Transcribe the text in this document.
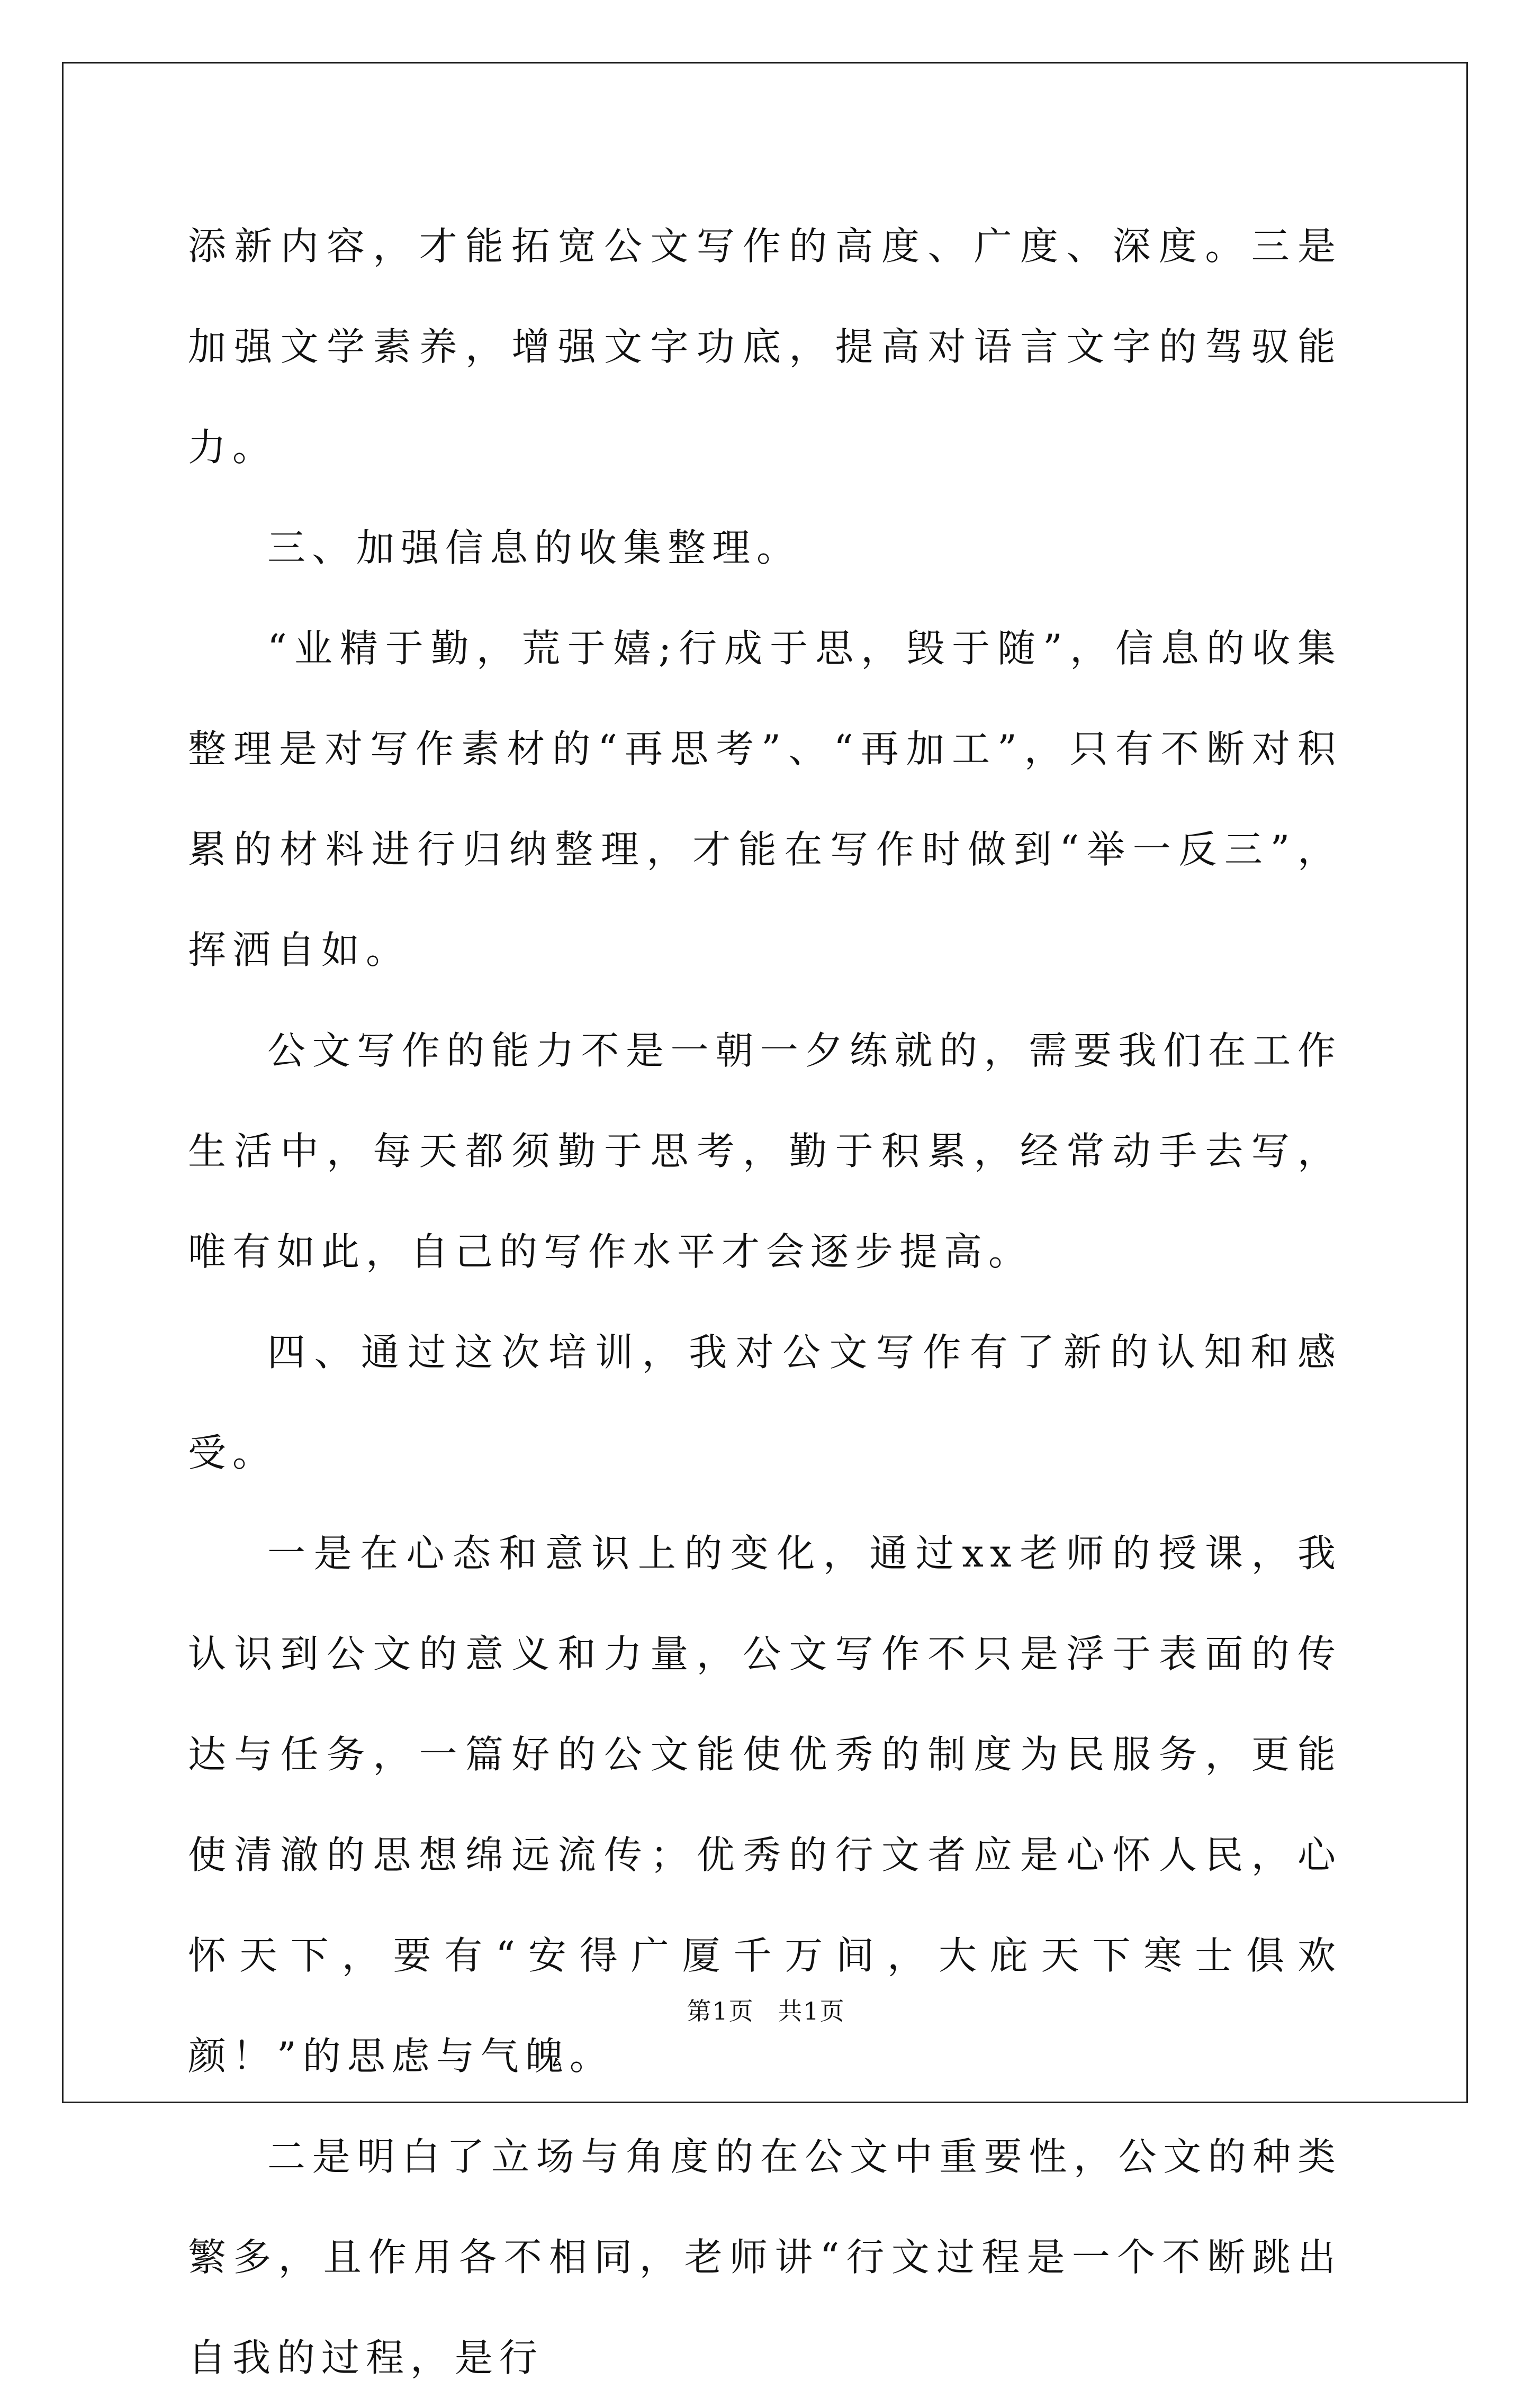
添新内容，才能拓宽公文写作的高度、广度、深度。三是加强文学素养，增强文字功底，提高对语言文字的驾驭能力。

三、加强信息的收集整理。

“业精于勤，荒于嬉;行成于思，毁于随”，信息的收集整理是对写作素材的“再思考”、“再加工”，只有不断对积累的材料进行归纳整理，才能在写作时做到“举一反三”，挥洒自如。

公文写作的能力不是一朝一夕练就的，需要我们在工作生活中，每天都须勤于思考，勤于积累，经常动手去写，唯有如此，自己的写作水平才会逐步提高。

四、通过这次培训，我对公文写作有了新的认知和感受。

一是在心态和意识上的变化，通过xx老师的授课，我认识到公文的意义和力量，公文写作不只是浮于表面的传达与任务，一篇好的公文能使优秀的制度为民服务，更能使清澈的思想绵远流传；优秀的行文者应是心怀人民，心怀天下，要有“安得广厦千万间，大庇天下寒士俱欢颜！”的思虑与气魄。

二是明白了立场与角度的在公文中重要性，公文的种类繁多，且作用各不相同，老师讲“行文过程是一个不断跳出自我的过程，是行

第1页 共1页
